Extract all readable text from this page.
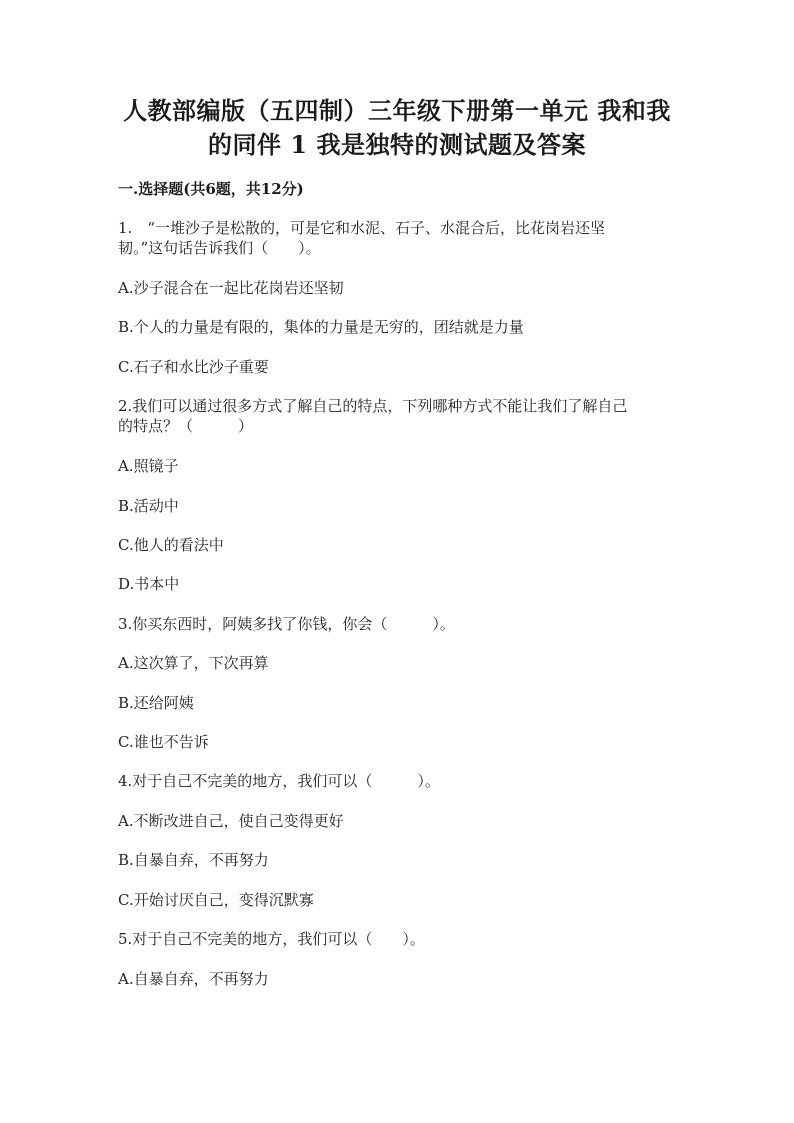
人教部编版（五四制）三年级下册第一单元 我和我
的同伴 1 我是独特的测试题及答案
一.选择题(共6题，共12分)
1.　“一堆沙子是松散的，可是它和水泥、石子、水混合后，比花岗岩还坚
韧。”这句话告诉我们（　　）。
A.沙子混合在一起比花岗岩还坚韧
B.个人的力量是有限的，集体的力量是无穷的，团结就是力量
C.石子和水比沙子重要
2.我们可以通过很多方式了解自己的特点，下列哪种方式不能让我们了解自己
的特点？（　　　）
A.照镜子
B.活动中
C.他人的看法中
D.书本中
3.你买东西时，阿姨多找了你钱，你会（　　　）。
A.这次算了，下次再算
B.还给阿姨
C.谁也不告诉
4.对于自己不完美的地方，我们可以（　　　）。
A.不断改进自己，使自己变得更好
B.自暴自弃，不再努力
C.开始讨厌自己，变得沉默寡
5.对于自己不完美的地方，我们可以（　　）。
A.自暴自弃，不再努力
